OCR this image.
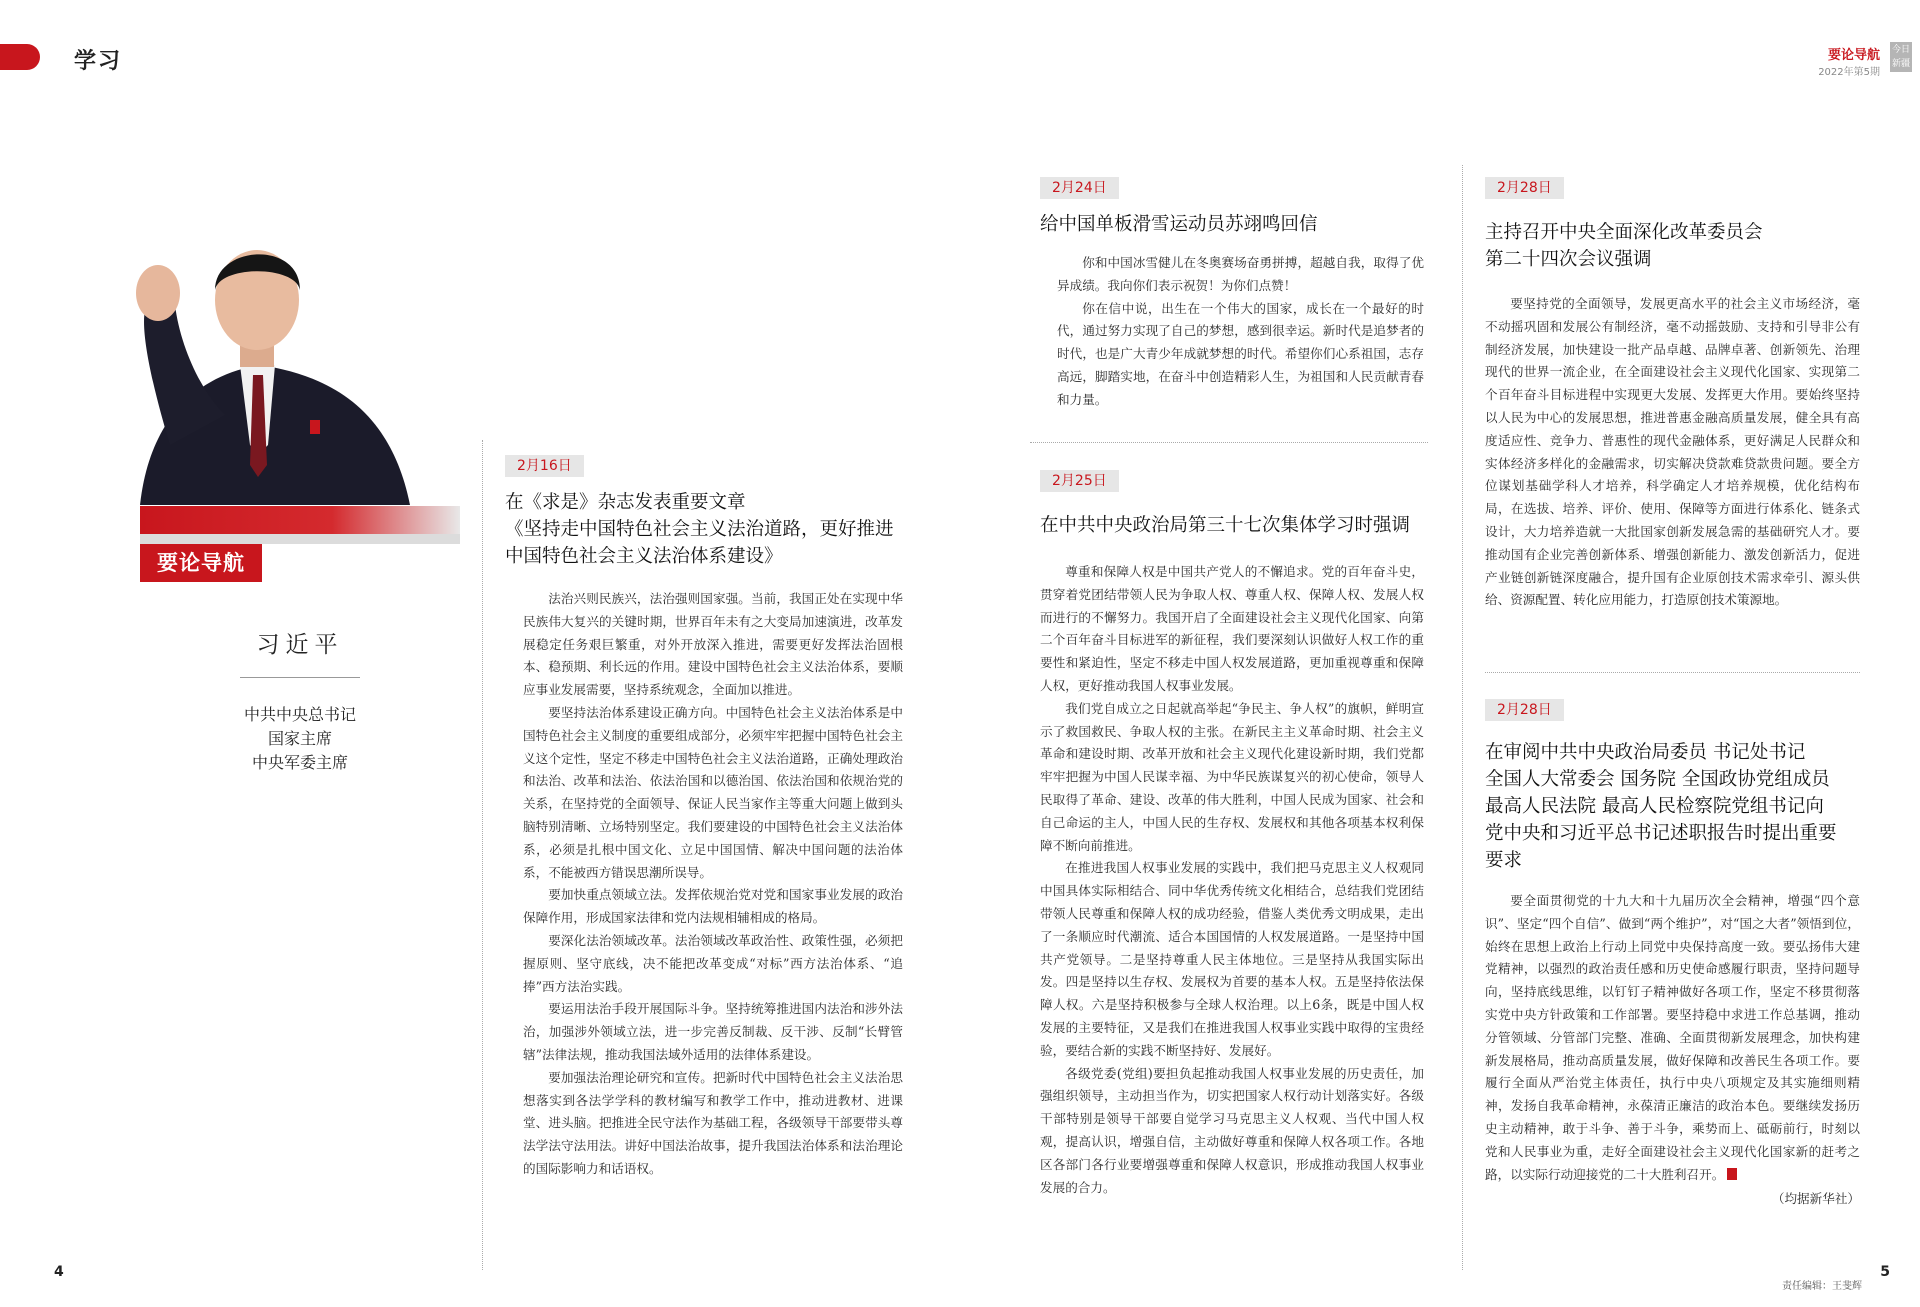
学习	要论导航
2022年第5期
今日 新疆
要论导航
习近平
中共中央总书记
国家主席
中央军委主席
2月16日
在《求是》杂志发表重要文章
《坚持走中国特色社会主义法治道路，更好推进
中国特色社会主义法治体系建设》

法治兴则民族兴，法治强则国家强。当前，我国正处在实现中华民族伟大复兴的关键时期，世界百年未有之大变局加速演进，改革发展稳定任务艰巨繁重，对外开放深入推进，需要更好发挥法治固根本、稳预期、利长远的作用。建设中国特色社会主义法治体系，要顺应事业发展需要，坚持系统观念，全面加以推进。

要坚持法治体系建设正确方向。中国特色社会主义法治体系是中国特色社会主义制度的重要组成部分，必须牢牢把握中国特色社会主义这个定性，坚定不移走中国特色社会主义法治道路，正确处理政治和法治、改革和法治、依法治国和以德治国、依法治国和依规治党的关系，在坚持党的全面领导、保证人民当家作主等重大问题上做到头脑特别清晰、立场特别坚定。我们要建设的中国特色社会主义法治体系，必须是扎根中国文化、立足中国国情、解决中国问题的法治体系，不能被西方错误思潮所误导。

要加快重点领域立法。发挥依规治党对党和国家事业发展的政治保障作用，形成国家法律和党内法规相辅相成的格局。

要深化法治领域改革。法治领域改革政治性、政策性强，必须把握原则、坚守底线，决不能把改革变成“对标”西方法治体系、“追捧”西方法治实践。

要运用法治手段开展国际斗争。坚持统筹推进国内法治和涉外法治，加强涉外领域立法，进一步完善反制裁、反干涉、反制“长臂管辖”法律法规，推动我国法域外适用的法律体系建设。

要加强法治理论研究和宣传。把新时代中国特色社会主义法治思想落实到各法学学科的教材编写和教学工作中，推动进教材、进课堂、进头脑。把推进全民守法作为基础工程，各级领导干部要带头尊法学法守法用法。讲好中国法治故事，提升我国法治体系和法治理论的国际影响力和话语权。

2月24日
给中国单板滑雪运动员苏翊鸣回信

你和中国冰雪健儿在冬奥赛场奋勇拼搏，超越自我，取得了优异成绩。我向你们表示祝贺！为你们点赞！

你在信中说，出生在一个伟大的国家，成长在一个最好的时代，通过努力实现了自己的梦想，感到很幸运。新时代是追梦者的时代，也是广大青少年成就梦想的时代。希望你们心系祖国，志存高远，脚踏实地，在奋斗中创造精彩人生，为祖国和人民贡献青春和力量。

2月25日
在中共中央政治局第三十七次集体学习时强调

尊重和保障人权是中国共产党人的不懈追求。党的百年奋斗史，贯穿着党团结带领人民为争取人权、尊重人权、保障人权、发展人权而进行的不懈努力。我国开启了全面建设社会主义现代化国家、向第二个百年奋斗目标进军的新征程，我们要深刻认识做好人权工作的重要性和紧迫性，坚定不移走中国人权发展道路，更加重视尊重和保障人权，更好推动我国人权事业发展。

我们党自成立之日起就高举起“争民主、争人权”的旗帜，鲜明宣示了救国救民、争取人权的主张。在新民主主义革命时期、社会主义革命和建设时期、改革开放和社会主义现代化建设新时期，我们党都牢牢把握为中国人民谋幸福、为中华民族谋复兴的初心使命，领导人民取得了革命、建设、改革的伟大胜利，中国人民成为国家、社会和自己命运的主人，中国人民的生存权、发展权和其他各项基本权利保障不断向前推进。

在推进我国人权事业发展的实践中，我们把马克思主义人权观同中国具体实际相结合、同中华优秀传统文化相结合，总结我们党团结带领人民尊重和保障人权的成功经验，借鉴人类优秀文明成果，走出了一条顺应时代潮流、适合本国国情的人权发展道路。一是坚持中国共产党领导。二是坚持尊重人民主体地位。三是坚持从我国实际出发。四是坚持以生存权、发展权为首要的基本人权。五是坚持依法保障人权。六是坚持积极参与全球人权治理。以上6条，既是中国人权发展的主要特征，又是我们在推进我国人权事业实践中取得的宝贵经验，要结合新的实践不断坚持好、发展好。

各级党委(党组)要担负起推动我国人权事业发展的历史责任，加强组织领导，主动担当作为，切实把国家人权行动计划落实好。各级干部特别是领导干部要自觉学习马克思主义人权观、当代中国人权观，提高认识，增强自信，主动做好尊重和保障人权各项工作。各地区各部门各行业要增强尊重和保障人权意识，形成推动我国人权事业发展的合力。

2月28日
主持召开中央全面深化改革委员会
第二十四次会议强调

要坚持党的全面领导，发展更高水平的社会主义市场经济，毫不动摇巩固和发展公有制经济，毫不动摇鼓励、支持和引导非公有制经济发展，加快建设一批产品卓越、品牌卓著、创新领先、治理现代的世界一流企业，在全面建设社会主义现代化国家、实现第二个百年奋斗目标进程中实现更大发展、发挥更大作用。要始终坚持以人民为中心的发展思想，推进普惠金融高质量发展，健全具有高度适应性、竞争力、普惠性的现代金融体系，更好满足人民群众和实体经济多样化的金融需求，切实解决贷款难贷款贵问题。要全方位谋划基础学科人才培养，科学确定人才培养规模，优化结构布局，在选拔、培养、评价、使用、保障等方面进行体系化、链条式设计，大力培养造就一大批国家创新发展急需的基础研究人才。要推动国有企业完善创新体系、增强创新能力、激发创新活力，促进产业链创新链深度融合，提升国有企业原创技术需求牵引、源头供给、资源配置、转化应用能力，打造原创技术策源地。

2月28日
在审阅中共中央政治局委员 书记处书记
全国人大常委会 国务院 全国政协党组成员
最高人民法院 最高人民检察院党组书记向
党中央和习近平总书记述职报告时提出重要
要求

要全面贯彻党的十九大和十九届历次全会精神，增强“四个意识”、坚定“四个自信”、做到“两个维护”，对“国之大者”领悟到位，始终在思想上政治上行动上同党中央保持高度一致。要弘扬伟大建党精神，以强烈的政治责任感和历史使命感履行职责，坚持问题导向，坚持底线思维，以钉钉子精神做好各项工作，坚定不移贯彻落实党中央方针政策和工作部署。要坚持稳中求进工作总基调，推动分管领域、分管部门完整、准确、全面贯彻新发展理念，加快构建新发展格局，推动高质量发展，做好保障和改善民生各项工作。要履行全面从严治党主体责任，执行中央八项规定及其实施细则精神，发扬自我革命精神，永葆清正廉洁的政治本色。要继续发扬历史主动精神，敢于斗争、善于斗争，乘势而上、砥砺前行，时刻以党和人民事业为重，走好全面建设社会主义现代化国家新的赶考之路，以实际行动迎接党的二十大胜利召开。

（均据新华社）
责任编辑：王斐辉
4	5
